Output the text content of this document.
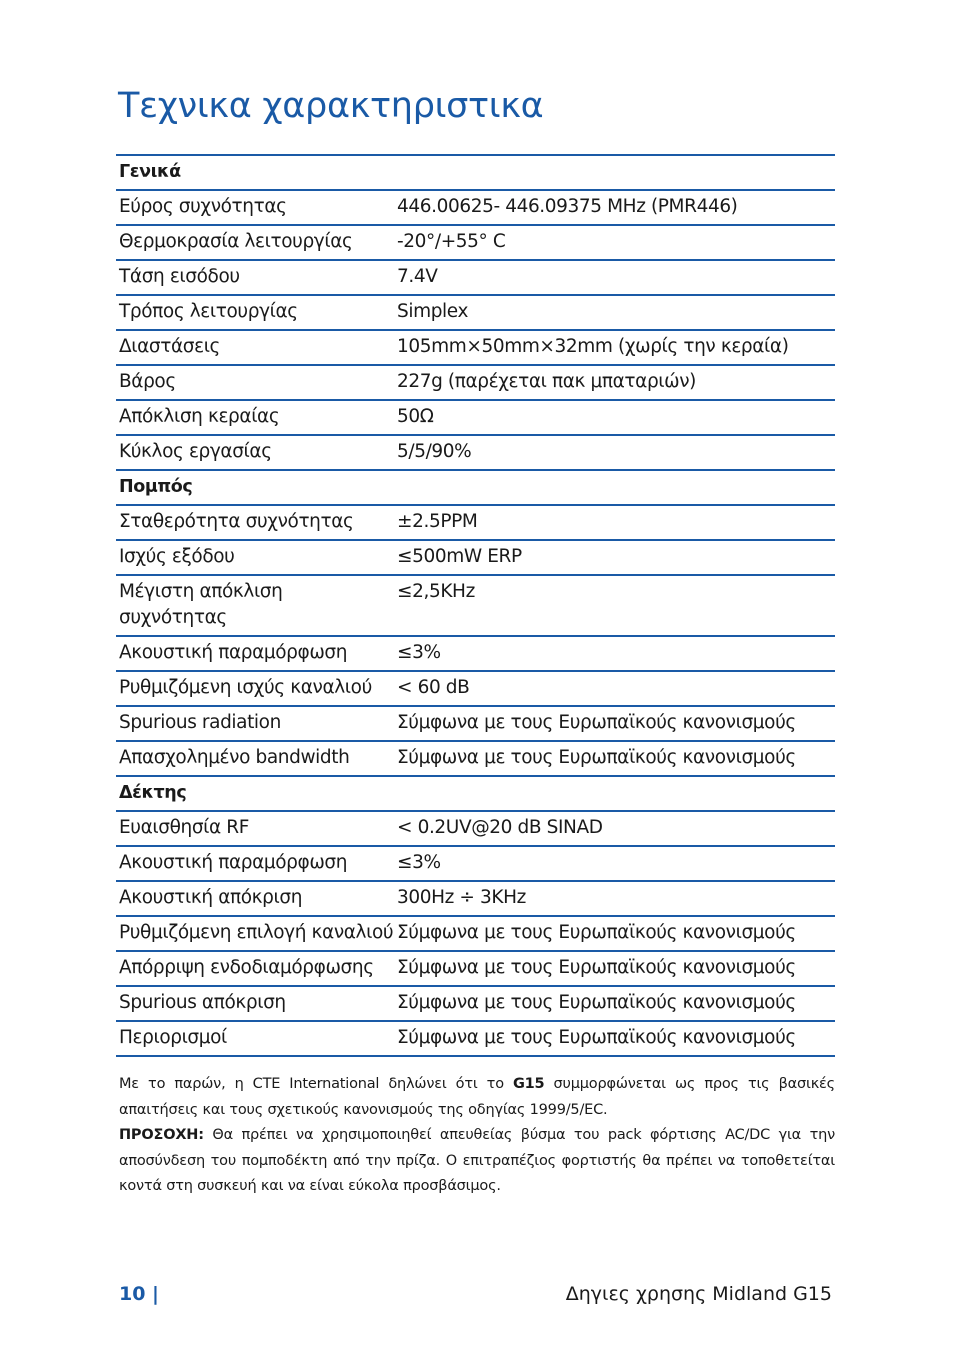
Τεχνικα χαρακτηριστικα
Γενικά	
Εύρος συχνότητας	446.00625- 446.09375 MHz (PMR446)
Θερμοκρασία λειτουργίας	-20°/+55° C
Τάση εισόδου	7.4V
Τρόπος λειτουργίας	Simplex
Διαστάσεις	105mm×50mm×32mm (χωρίς την κεραία)
Βάρος	227g (παρέχεται πακ μπαταριών)
Απόκλιση κεραίας	50Ω
Κύκλος εργασίας	5/5/90%
Πομπός	
Σταθερότητα συχνότητας	±2.5PPM
Ισχύς εξόδου	≤500mW ERP
Μέγιστη απόκλιση συχνότητας	≤2,5KHz
Ακουστική παραμόρφωση	≤3%
Ρυθμιζόμενη ισχύς καναλιού	< 60 dB
Spurious radiation	Σύμφωνα με τους Ευρωπαϊκούς κανονισμούς
Απασχολημένο bandwidth	Σύμφωνα με τους Ευρωπαϊκούς κανονισμούς
Δέκτης	
Ευαισθησία RF	< 0.2UV@20 dB SINAD
Ακουστική παραμόρφωση	≤3%
Ακουστική απόκριση	300Hz ÷ 3KHz
Ρυθμιζόμενη επιλογή καναλιού	Σύμφωνα με τους Ευρωπαϊκούς κανονισμούς
Απόρριψη ενδοδιαμόρφωσης	Σύμφωνα με τους Ευρωπαϊκούς κανονισμούς
Spurious απόκριση	Σύμφωνα με τους Ευρωπαϊκούς κανονισμούς
Περιορισμοί	Σύμφωνα με τους Ευρωπαϊκούς κανονισμούς

Με το παρών, η CTE International δηλώνει ότι το G15 συμμορφώνεται ως προς τις βασικές απαιτήσεις και τους σχετικούς κανονισμούς της οδηγίας 1999/5/EC.

ΠΡΟΣΟΧΗ: Θα πρέπει να χρησιμοποιηθεί απευθείας βύσμα του pack φόρτισης AC/DC για την αποσύνδεση του πομποδέκτη από την πρίζα. Ο επιτραπέζιος φορτιστής θα πρέπει να τοποθετείται κοντά στη συσκευή και να είναι εύκολα προσβάσιμος.

10 |	Δηγιες χρησης Midland G15
